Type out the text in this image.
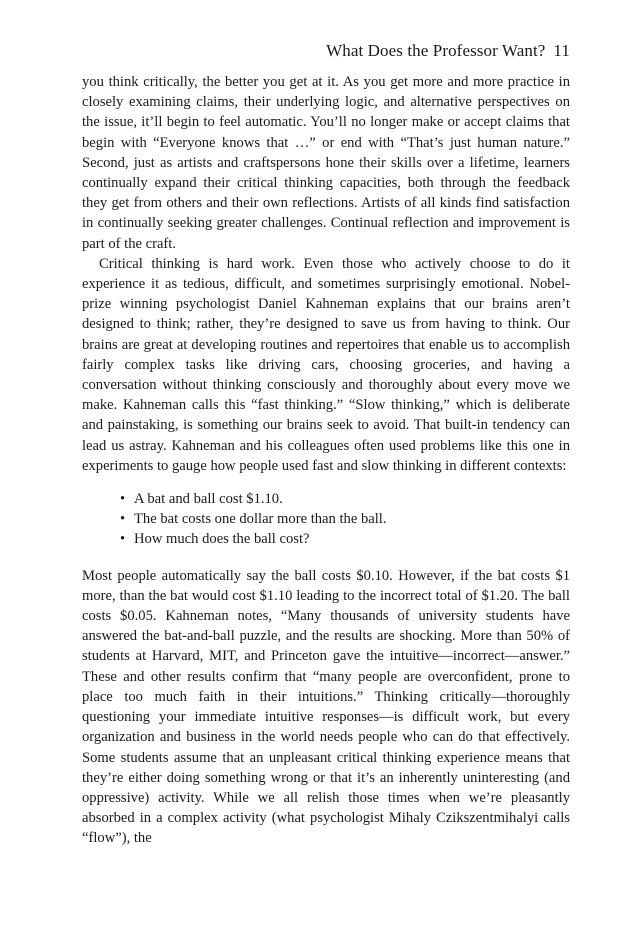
What Does the Professor Want? 11

you think critically, the better you get at it. As you get more and more practice in closely examining claims, their underlying logic, and alternative perspectives on the issue, it’ll begin to feel automatic. You’ll no longer make or accept claims that begin with “Everyone knows that …” or end with “That’s just human nature.” Second, just as artists and craftspersons hone their skills over a lifetime, learners continually expand their critical thinking capacities, both through the feedback they get from others and their own reflections. Artists of all kinds find satisfaction in continually seeking greater challenges. Continual reflection and improvement is part of the craft.

Critical thinking is hard work. Even those who actively choose to do it experience it as tedious, difficult, and sometimes surprisingly emotional. Nobel-prize winning psychologist Daniel Kahneman explains that our brains aren’t designed to think; rather, they’re designed to save us from having to think. Our brains are great at developing routines and repertoires that enable us to accomplish fairly complex tasks like driving cars, choosing groceries, and having a conversation without thinking consciously and thoroughly about every move we make. Kahneman calls this “fast thinking.” “Slow thinking,” which is deliberate and painstaking, is something our brains seek to avoid. That built-in tendency can lead us astray. Kahneman and his colleagues often used problems like this one in experiments to gauge how people used fast and slow thinking in different contexts:

• A bat and ball cost $1.10.
• The bat costs one dollar more than the ball.
• How much does the ball cost?

Most people automatically say the ball costs $0.10. However, if the bat costs $1 more, than the bat would cost $1.10 leading to the incorrect total of $1.20. The ball costs $0.05. Kahneman notes, “Many thousands of university students have answered the bat-and-ball puzzle, and the results are shocking. More than 50% of students at Harvard, MIT, and Princeton gave the intuitive—incorrect—answer.” These and other results confirm that “many people are overconfident, prone to place too much faith in their intuitions.” Thinking critically—thoroughly questioning your immediate intuitive responses—is difficult work, but every organization and business in the world needs people who can do that effectively. Some students assume that an unpleasant critical thinking experience means that they’re either doing something wrong or that it’s an inherently uninteresting (and oppressive) activity. While we all relish those times when we’re pleasantly absorbed in a complex activity (what psychologist Mihaly Czikszentmihalyi calls “flow”), the
